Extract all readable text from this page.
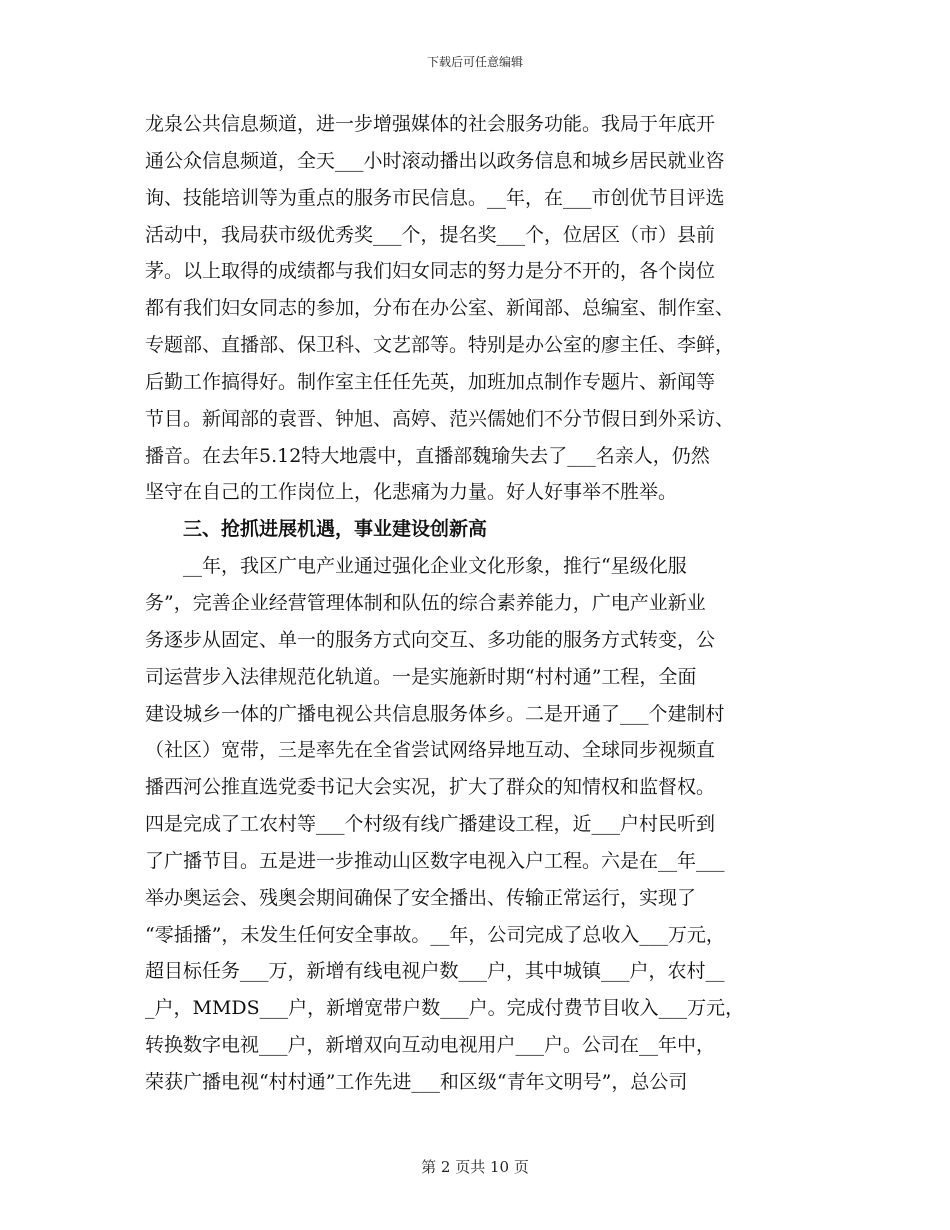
下载后可任意编辑
龙泉公共信息频道，进一步增强媒体的社会服务功能。我局于年底开
通公众信息频道，全天___小时滚动播出以政务信息和城乡居民就业咨
询、技能培训等为重点的服务市民信息。__年，在___市创优节目评选
活动中，我局获市级优秀奖___个，提名奖___个，位居区（市）县前
茅。以上取得的成绩都与我们妇女同志的努力是分不开的，各个岗位
都有我们妇女同志的参加，分布在办公室、新闻部、总编室、制作室、
专题部、直播部、保卫科、文艺部等。特别是办公室的廖主任、李鲜，
后勤工作搞得好。制作室主任任先英，加班加点制作专题片、新闻等
节目。新闻部的袁晋、钟旭、高婷、范兴儒她们不分节假日到外采访、
播音。在去年5.12特大地震中，直播部魏瑜失去了___名亲人，仍然
坚守在自己的工作岗位上，化悲痛为力量。好人好事举不胜举。
　　三、抢抓进展机遇，事业建设创新高
　　__年，我区广电产业通过强化企业文化形象，推行“星级化服
务”，完善企业经营管理体制和队伍的综合素养能力，广电产业新业
务逐步从固定、单一的服务方式向交互、多功能的服务方式转变，公
司运营步入法律规范化轨道。一是实施新时期“村村通”工程，全面
建设城乡一体的广播电视公共信息服务体乡。二是开通了___个建制村
（社区）宽带，三是率先在全省尝试网络异地互动、全球同步视频直
播西河公推直选党委书记大会实况，扩大了群众的知情权和监督权。
四是完成了工农村等___个村级有线广播建设工程，近___户村民听到
了广播节目。五是进一步推动山区数字电视入户工程。六是在__年___
举办奥运会、残奥会期间确保了安全播出、传输正常运行，实现了
“零插播”，未发生任何安全事故。__年，公司完成了总收入___万元，
超目标任务___万，新增有线电视户数___户，其中城镇___户，农村__
_户，MMDS___户，新增宽带户数___户。完成付费节目收入___万元，
转换数字电视___户，新增双向互动电视用户___户。公司在__年中，
荣获广播电视“村村通”工作先进___和区级“青年文明号”，总公司
第 2 页共 10 页
